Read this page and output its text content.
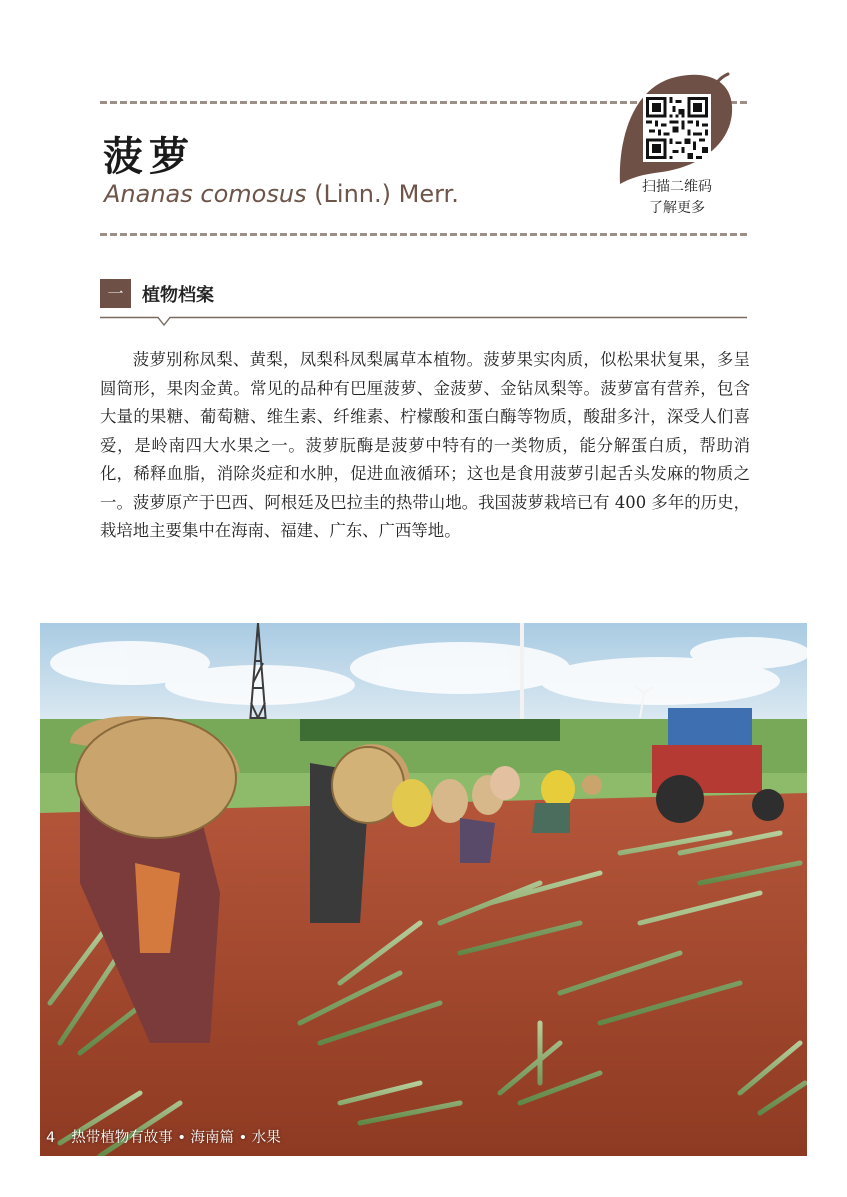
菠萝
Ananas comosus (Linn.) Merr.	扫描二维码
了解更多
一	植物档案

菠萝别称凤梨、黄梨，凤梨科凤梨属草本植物。菠萝果实肉质，似松果状复果，多呈圆筒形，果肉金黄。常见的品种有巴厘菠萝、金菠萝、金钻凤梨等。菠萝富有营养，包含大量的果糖、葡萄糖、维生素、纤维素、柠檬酸和蛋白酶等物质，酸甜多汁，深受人们喜爱，是岭南四大水果之一。菠萝朊酶是菠萝中特有的一类物质，能分解蛋白质，帮助消化，稀释血脂，消除炎症和水肿，促进血液循环；这也是食用菠萝引起舌头发麻的物质之一。菠萝原产于巴西、阿根廷及巴拉圭的热带山地。我国菠萝栽培已有 400 多年的历史，栽培地主要集中在海南、福建、广东、广西等地。

4 热带植物有故事 • 海南篇 • 水果
